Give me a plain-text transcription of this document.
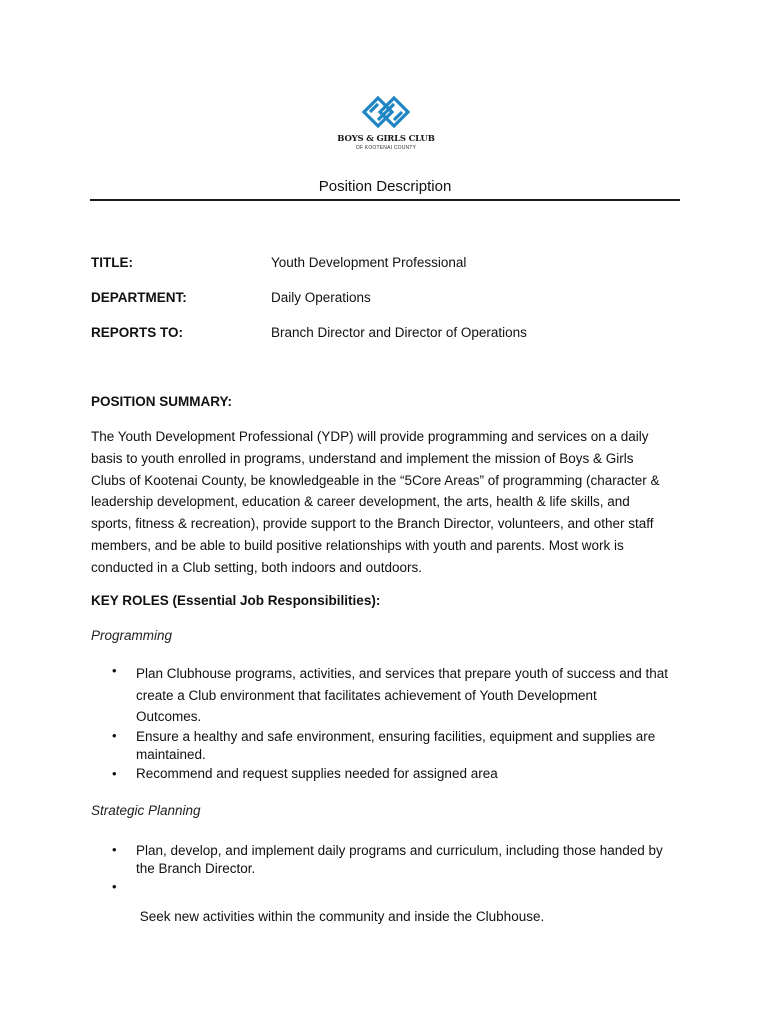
BOYS & GIRLS CLUB
OF KOOTENAI COUNTY
Position Description
TITLE:	Youth Development Professional
DEPARTMENT:	Daily Operations
REPORTS TO:	Branch Director and Director of Operations
POSITION SUMMARY:
The Youth Development Professional (YDP) will provide programming and services on a daily
basis to youth enrolled in programs, understand and implement the mission of Boys & Girls
Clubs of Kootenai County, be knowledgeable in the “5Core Areas” of programming (character &
leadership development, education & career development, the arts, health & life skills, and
sports, fitness & recreation), provide support to the Branch Director, volunteers, and other staff
members, and be able to build positive relationships with youth and parents. Most work is
conducted in a Club setting, both indoors and outdoors.
KEY ROLES (Essential Job Responsibilities):
Programming
• Plan Clubhouse programs, activities, and services that prepare youth of success and that
create a Club environment that facilitates achievement of Youth Development
Outcomes.
• Ensure a healthy and safe environment, ensuring facilities, equipment and supplies are
maintained.
• Recommend and request supplies needed for assigned area
Strategic Planning
• Plan, develop, and implement daily programs and curriculum, including those handed by
the Branch Director.
•

Seek new activities within the community and inside the Clubhouse.
